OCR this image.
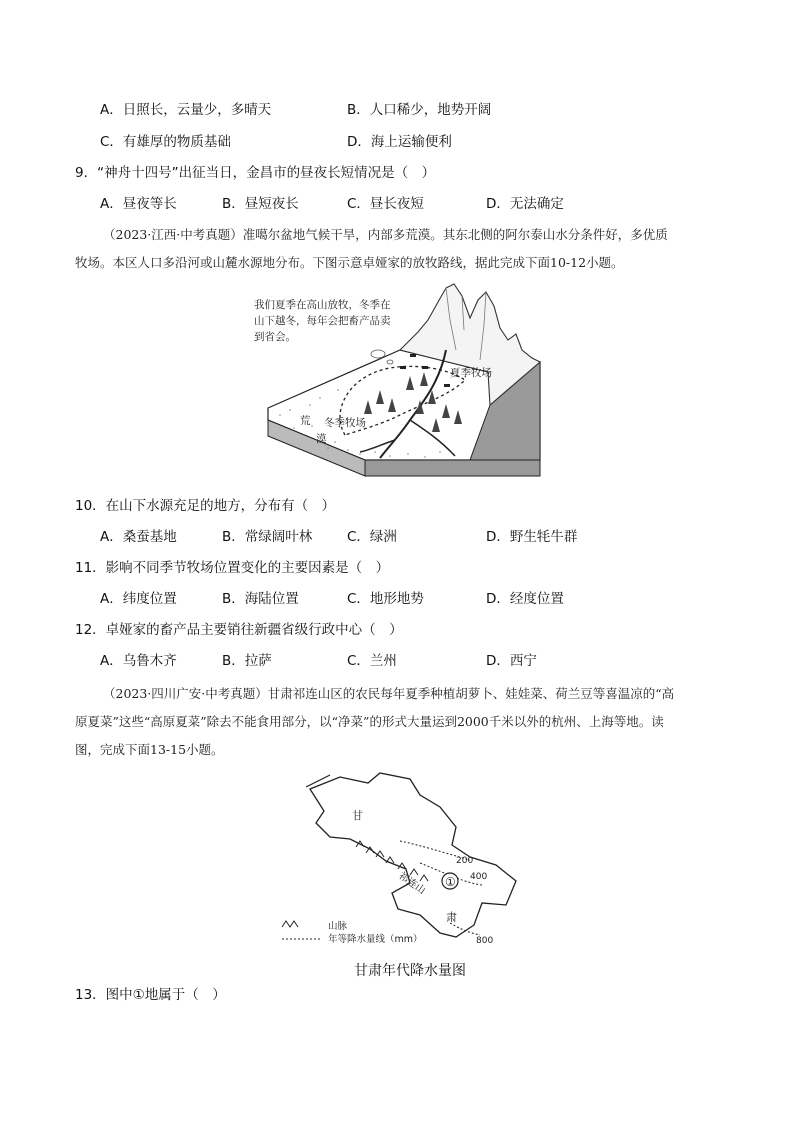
A．日照长，云量少，多晴天	B．人口稀少，地势开阔
C．有雄厚的物质基础	D．海上运输便利
9．“神舟十四号”出征当日，金昌市的昼夜长短情况是（　）
A．昼夜等长	B．昼短夜长	C．昼长夜短	D．无法确定
（2023·江西·中考真题）准噶尔盆地气候干旱，内部多荒漠。其东北侧的阿尔泰山水分条件好，多优质
牧场。本区人口多沿河或山麓水源地分布。下图示意卓娅家的放牧路线，据此完成下面10-12小题。
我们夏季在高山放牧，冬季在
山下越冬，每年会把畜产品卖
到省会。
夏季牧场
冬季牧场
荒
漠
10．在山下水源充足的地方，分布有（　）
A．桑蚕基地	B．常绿阔叶林	C．绿洲	D．野生牦牛群
11．影响不同季节牧场位置变化的主要因素是（　）
A．纬度位置	B．海陆位置	C．地形地势	D．经度位置
12．卓娅家的畜产品主要销往新疆省级行政中心（　）
A．乌鲁木齐	B．拉萨	C．兰州	D．西宁
（2023·四川广安·中考真题）甘肃祁连山区的农民每年夏季种植胡萝卜、娃娃菜、荷兰豆等喜温凉的“高
原夏菜”这些“高原夏菜”除去不能食用部分，以“净菜”的形式大量运到2000千米以外的杭州、上海等地。读
图，完成下面13-15小题。
①
甘
肃
祁连山
200
400
800
山脉
年等降水量线（mm）
甘肃年代降水量图
13．图中①地属于（　）
